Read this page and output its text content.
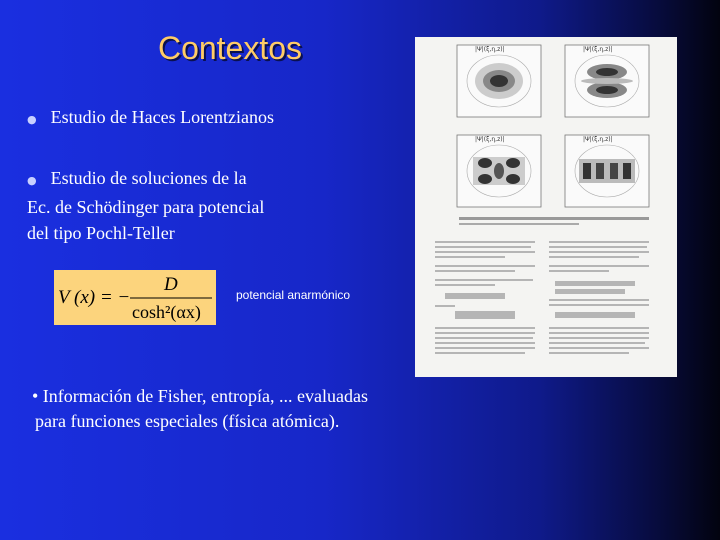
Contextos
● Estudio de Haces Lorentzianos
● Estudio de soluciones de la
Ec. de Schödinger para potencial
del tipo Pochl-Teller
V (x) = −
D
cosh²(αx)
potencial anarmónico
• Información de Fisher, entropía, ... evaluadas
para funciones especiales (física atómica).
|Ψ|(ξ,η,z)|	|Ψ|(ξ,η,z)|
|Ψ|(ξ,η,z)|	|Ψ|(ξ,η,z)|
